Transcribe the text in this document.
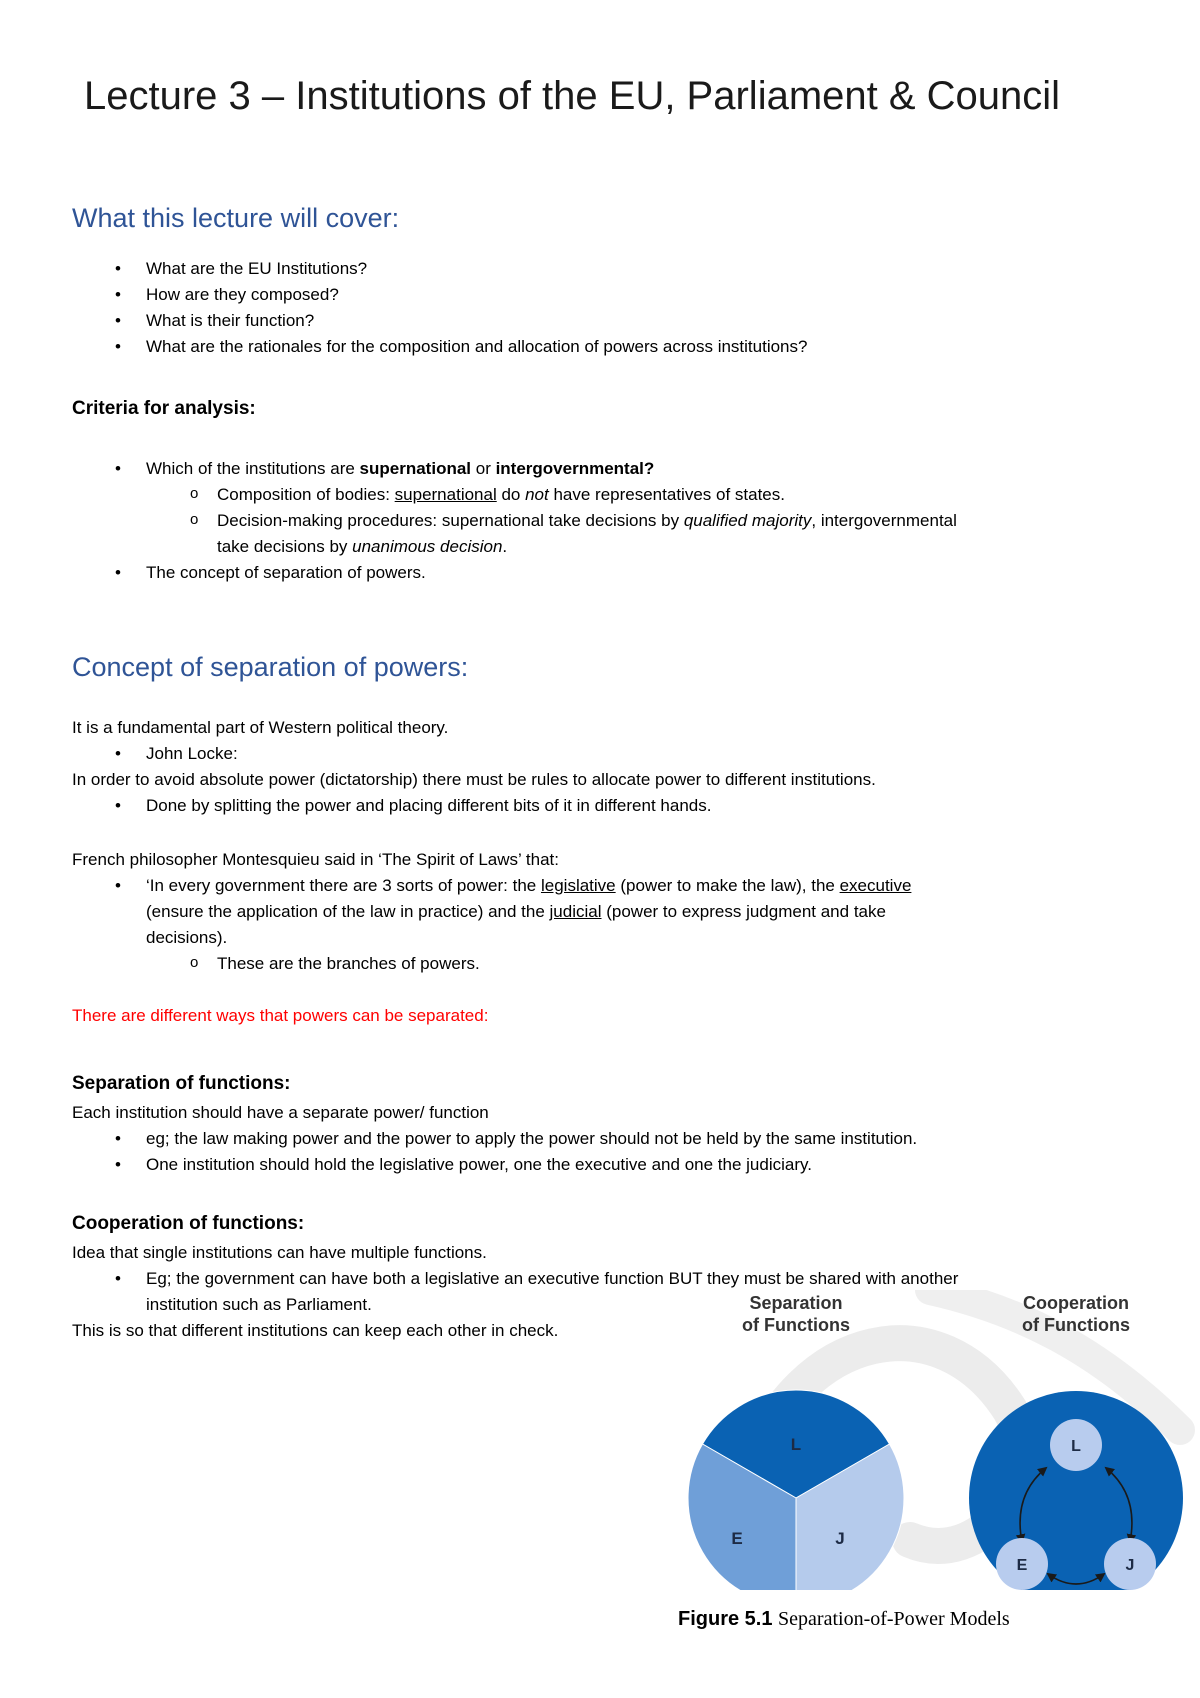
Lecture 3 – Institutions of the EU, Parliament & Council
What this lecture will cover:
• What are the EU Institutions?
• How are they composed?
• What is their function?
• What are the rationales for the composition and allocation of powers across institutions?
Criteria for analysis:
• Which of the institutions are supernational or intergovernmental?
o Composition of bodies: supernational do not have representatives of states.
o Decision-making procedures: supernational take decisions by qualified majority, intergovernmental
take decisions by unanimous decision.
• The concept of separation of powers.
Concept of separation of powers:
It is a fundamental part of Western political theory.
• John Locke:
In order to avoid absolute power (dictatorship) there must be rules to allocate power to different institutions.
• Done by splitting the power and placing different bits of it in different hands.
French philosopher Montesquieu said in ‘The Spirit of Laws’ that:
• ‘In every government there are 3 sorts of power: the legislative (power to make the law), the executive
(ensure the application of the law in practice) and the judicial (power to express judgment and take
decisions).
o These are the branches of powers.
There are different ways that powers can be separated:
Separation of functions:
Each institution should have a separate power/ function
• eg; the law making power and the power to apply the power should not be held by the same institution.
• One institution should hold the legislative power, one the executive and one the judiciary.
Cooperation of functions:
Idea that single institutions can have multiple functions.
• Eg; the government can have both a legislative an executive function BUT they must be shared with another
institution such as Parliament.
This is so that different institutions can keep each other in check.
L
E	J
L
E	J
Separation
of Functions
Cooperation
of Functions
Figure 5.1 Separation-of-Power Models
